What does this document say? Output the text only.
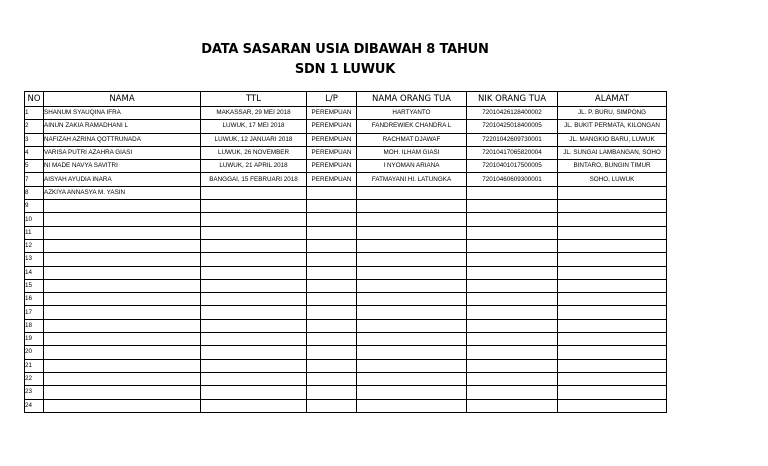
DATA SASARAN USIA DIBAWAH 8 TAHUN
SDN 1 LUWUK
NO	NAMA	TTL	L/P	NAMA ORANG TUA	NIK ORANG TUA	ALAMAT
1	SHANUM SYAUQINA IFRA	MAKASSAR, 29 MEI 2018	PEREMPUAN	HARTYANTO	72010426128400002	JL. P. BURU, SIMPONG
2	AINUN ZAKIA RAMADHANI L	LUWUK, 17 MEI 2018	PEREMPUAN	FANDREWIEK CHANDRA L	72010425018400005	JL. BUKIT PERMATA, KILONGAN
3	NAFIZAH AZRINA QOTTRUNADA	LUWUK, 12 JANUARI 2018	PEREMPUAN	RACHMAT DJAWAF	72201042609730001	JL. MANGKIO BARU, LUWUK
4	VARISA PUTRI AZAHRA GIASI	LUWUK, 26 NOVEMBER	PEREMPUAN	MOH. ILHAM GIASI	72010417065820004	JL. SUNGAI LAMBANGAN, SOHO
5	NI MADE NAVYA SAVITRI	LUWUK, 21 APRIL 2018	PEREMPUAN	I NYOMAN ARIANA	72010401017500005	BINTARO, BUNGIN TIMUR
7	AISYAH AYUDIA INARA	BANGGAI, 15 FEBRUARI 2018	PEREMPUAN	FATMAYANI HI. LATUNGKA	72010460609300001	SOHO, LUWUK
8	AZKIYA ANNASYA M. YASIN					
9						
10						
11						
12						
13						
14						
15						
16						
17						
18						
19						
20						
21						
22						
23						
24						
